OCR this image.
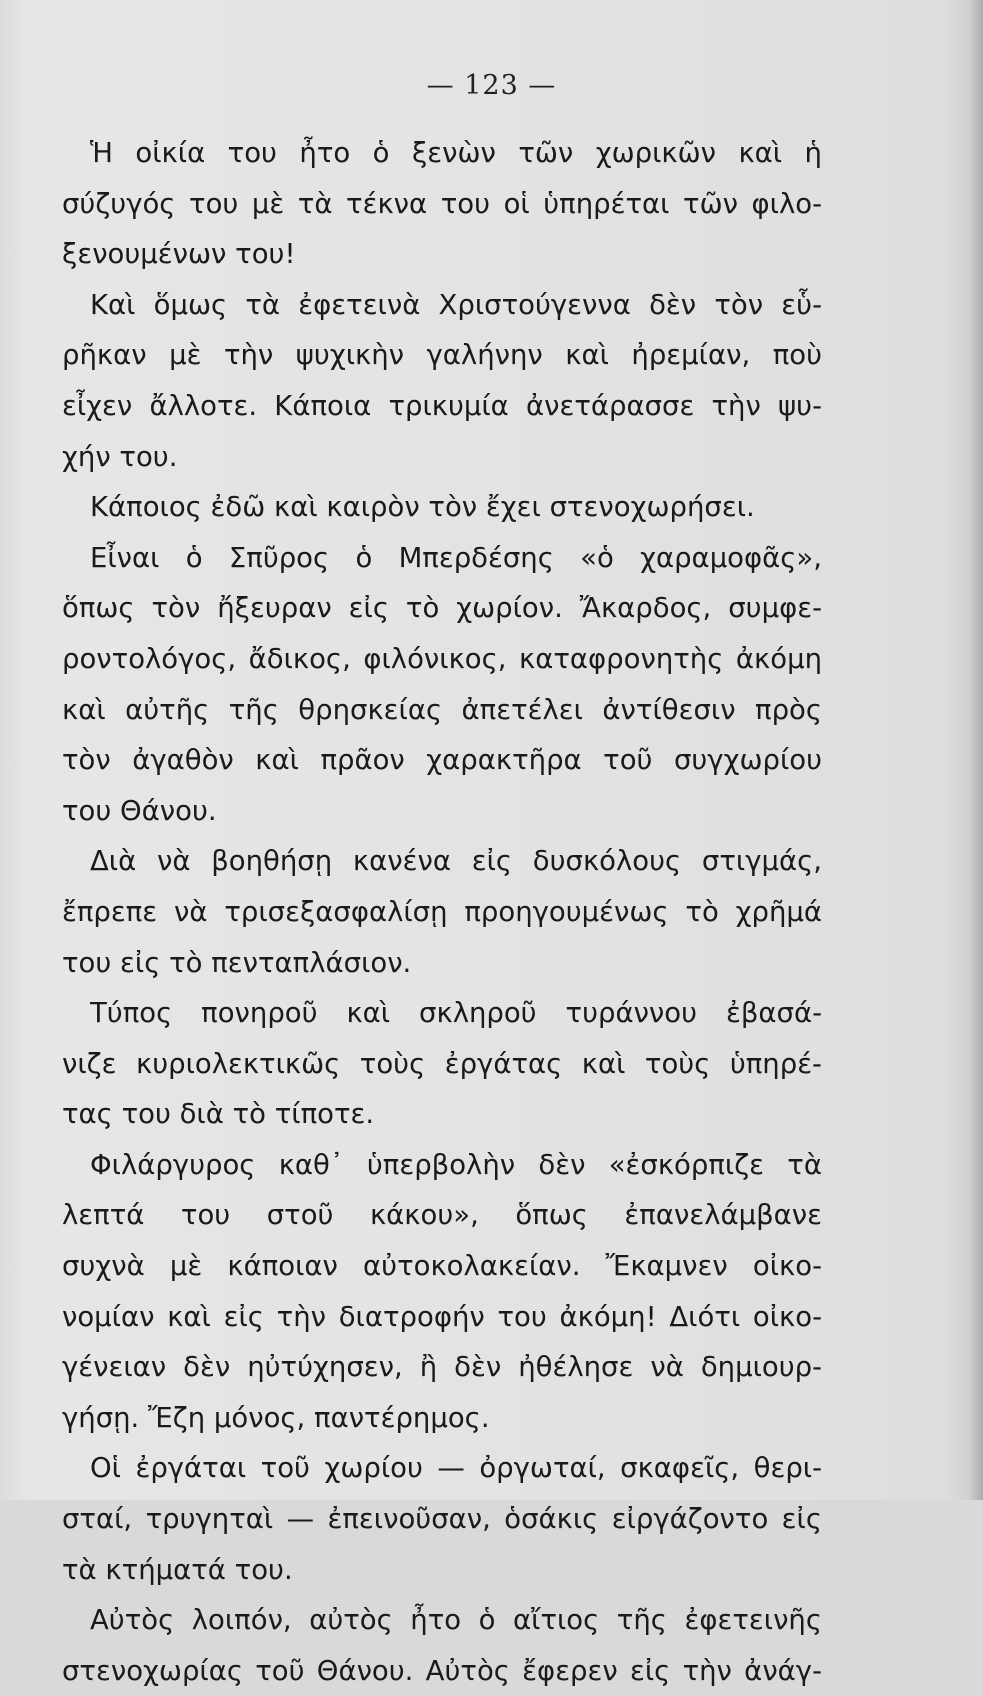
— 123 —
Ἡ οἰκία του ἦτο ὁ ξενὼν τῶν χωρικῶν καὶ ἡ
σύζυγός του μὲ τὰ τέκνα του οἱ ὑπηρέται τῶν φιλο-
ξενουμένων του!
Καὶ ὅμως τὰ ἐφετεινὰ Χριστούγεννα δὲν τὸν εὗ-
ρῆκαν μὲ τὴν ψυχικὴν γαλήνην καὶ ἠρεμίαν, ποὺ
εἶχεν ἄλλοτε. Κάποια τρικυμία ἀνετάρασσε τὴν ψυ-
χήν του.
Κάποιος ἐδῶ καὶ καιρὸν τὸν ἔχει στενοχωρήσει.
Εἶναι ὁ Σπῦρος ὁ Μπερδέσης «ὁ χαραμοφᾶς»,
ὅπως τὸν ἤξευραν εἰς τὸ χωρίον. Ἄκαρδος, συμφε-
ροντολόγος, ἄδικος, φιλόνικος, καταφρονητὴς ἀκόμη
καὶ αὐτῆς τῆς θρησκείας ἀπετέλει ἀντίθεσιν πρὸς
τὸν ἀγαθὸν καὶ πρᾶον χαρακτῆρα τοῦ συγχωρίου
του Θάνου.
Διὰ νὰ βοηθήσῃ κανένα εἰς δυσκόλους στιγμάς,
ἔπρεπε νὰ τρισεξασφαλίσῃ προηγουμένως τὸ χρῆμά
του εἰς τὸ πενταπλάσιον.
Τύπος πονηροῦ καὶ σκληροῦ τυράννου ἐβασά-
νιζε κυριολεκτικῶς τοὺς ἐργάτας καὶ τοὺς ὑπηρέ-
τας του διὰ τὸ τίποτε.
Φιλάργυρος καθ᾽ ὑπερβολὴν δὲν «ἐσκόρπιζε τὰ
λεπτά του στοῦ κάκου», ὅπως ἐπανελάμβανε
συχνὰ μὲ κάποιαν αὐτοκολακείαν. Ἔκαμνεν οἰκο-
νομίαν καὶ εἰς τὴν διατροφήν του ἀκόμη! Διότι οἰκο-
γένειαν δὲν ηὐτύχησεν, ἢ δὲν ἠθέλησε νὰ δημιουρ-
γήσῃ. Ἔζη μόνος, παντέρημος.
Οἱ ἐργάται τοῦ χωρίου — ὀργωταί, σκαφεῖς, θερι-
σταί, τρυγηταὶ — ἐπεινοῦσαν, ὁσάκις εἰργάζοντο εἰς
τὰ κτήματά του.
Αὐτὸς λοιπόν, αὐτὸς ἦτο ὁ αἴτιος τῆς ἐφετεινῆς
στενοχωρίας τοῦ Θάνου. Αὐτὸς ἔφερεν εἰς τὴν ἀνάγ-
